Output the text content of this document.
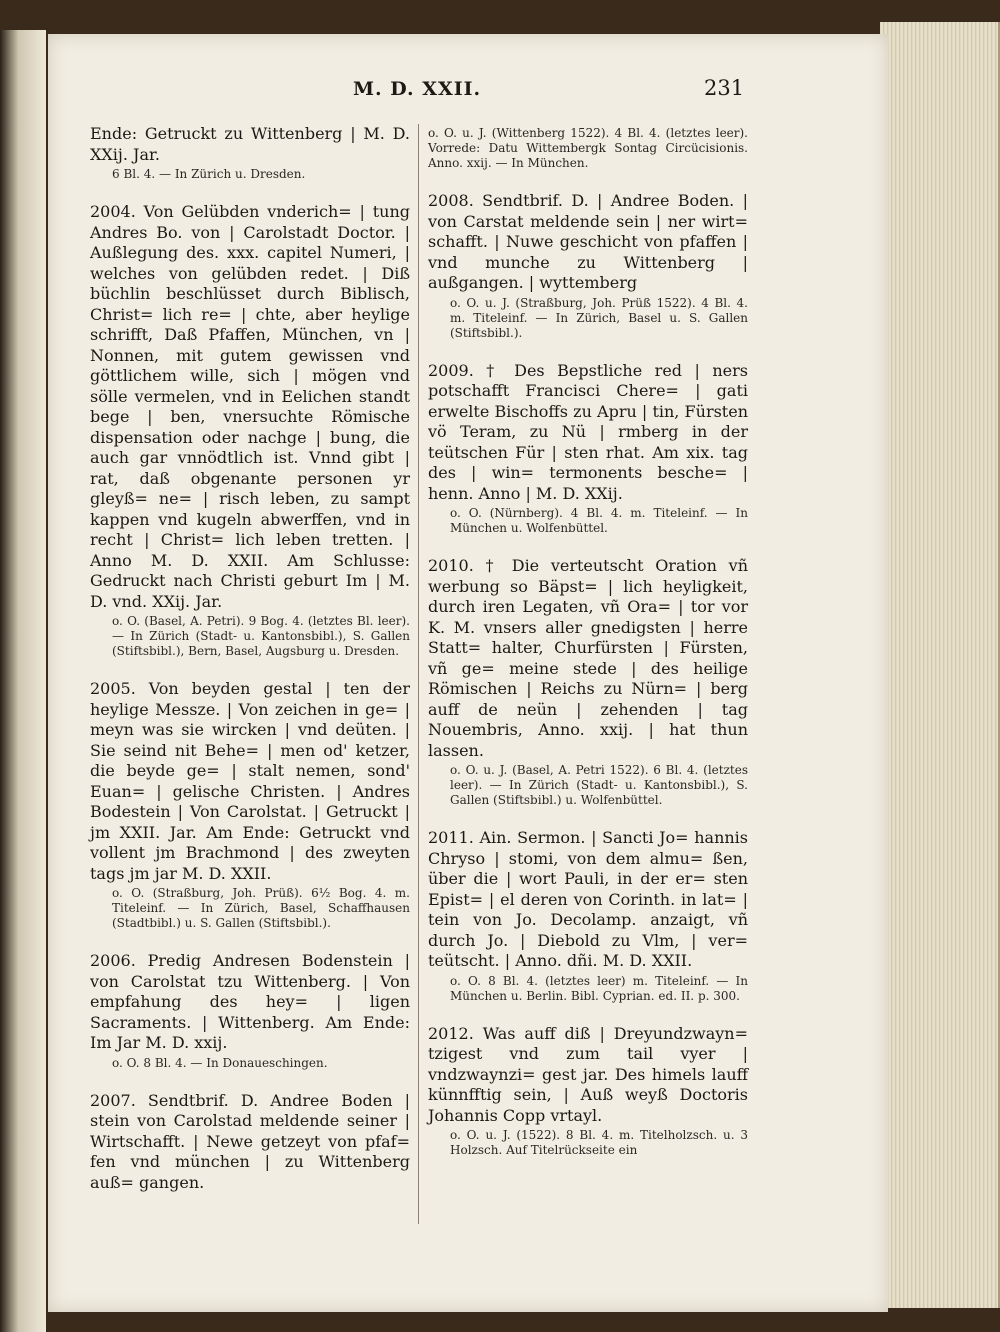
M. D. XXII.	231

Ende: Getruckt zu Wittenberg | M. D. XXij. Jar.

6 Bl. 4. — In Zürich u. Dresden.

2004. Von Gelübden vnderich= | tung Andres Bo. von | Carolstadt Doctor. | Außlegung des. xxx. capitel Numeri, | welches von gelübden redet. | Diß büchlin beschlüsset durch Biblisch, Christ= lich re= | chte, aber heylige schrifft, Daß Pfaffen, München, vn | Nonnen, mit gutem gewissen vnd göttlichem wille, sich | mögen vnd sölle vermelen, vnd in Eelichen standt bege | ben, vnersuchte Römische dispensation oder nachge | bung, die auch gar vnnödtlich ist. Vnnd gibt | rat, daß obgenante personen yr gleyß= ne= | risch leben, zu sampt kappen vnd kugeln abwerffen, vnd in recht | Christ= lich leben tretten. | Anno M. D. XXII. Am Schlusse: Gedruckt nach Christi geburt Im | M. D. vnd. XXij. Jar.

o. O. (Basel, A. Petri). 9 Bog. 4. (letztes Bl. leer). — In Zürich (Stadt- u. Kantonsbibl.), S. Gallen (Stiftsbibl.), Bern, Basel, Augsburg u. Dresden.

2005. Von beyden gestal | ten der heylige Messze. | Von zeichen in ge= | meyn was sie wircken | vnd deüten. | Sie seind nit Behe= | men od' ketzer, die beyde ge= | stalt nemen, sond' Euan= | gelische Christen. | Andres Bodestein | Von Carolstat. | Getruckt | jm XXII. Jar. Am Ende: Getruckt vnd vollent jm Brachmond | des zweyten tags jm jar M. D. XXII.

o. O. (Straßburg, Joh. Prüß). 6½ Bog. 4. m. Titeleinf. — In Zürich, Basel, Schaffhausen (Stadtbibl.) u. S. Gallen (Stiftsbibl.).

2006. Predig Andresen Bodenstein | von Carolstat tzu Wittenberg. | Von empfahung des hey= | ligen Sacraments. | Wittenberg. Am Ende: Im Jar M. D. xxij.

o. O. 8 Bl. 4. — In Donaueschingen.

2007. Sendtbrif. D. Andree Boden | stein von Carolstad meldende seiner | Wirtschafft. | Newe getzeyt von pfaf= fen vnd münchen | zu Wittenberg auß= gangen.

o. O. u. J. (Wittenberg 1522). 4 Bl. 4. (letztes leer). Vorrede: Datu Wittembergk Sontag Circücisionis. Anno. xxij. — In München.

2008. Sendtbrif. D. | Andree Boden. | von Carstat meldende sein | ner wirt= schafft. | Nuwe geschicht von pfaffen | vnd munche zu Wittenberg | außgangen. | wyttemberg

o. O. u. J. (Straßburg, Joh. Prüß 1522). 4 Bl. 4. m. Titeleinf. — In Zürich, Basel u. S. Gallen (Stiftsbibl.).

2009. † Des Bepstliche red | ners potschafft Francisci Chere= | gati erwelte Bischoffs zu Apru | tin, Fürsten vö Teram, zu Nü | rmberg in der teütschen Für | sten rhat. Am xix. tag des | win= termonents besche= | henn. Anno | M. D. XXij.

o. O. (Nürnberg). 4 Bl. 4. m. Titeleinf. — In München u. Wolfenbüttel.

2010. † Die verteutscht Oration vñ werbung so Bäpst= | lich heyligkeit, durch iren Legaten, vñ Ora= | tor vor K. M. vnsers aller gnedigsten | herre Statt= halter, Churfürsten | Fürsten, vñ ge= meine stede | des heilige Römischen | Reichs zu Nürn= | berg auff de neün | zehenden | tag Nouembris, Anno. xxij. | hat thun lassen.

o. O. u. J. (Basel, A. Petri 1522). 6 Bl. 4. (letztes leer). — In Zürich (Stadt- u. Kantonsbibl.), S. Gallen (Stiftsbibl.) u. Wolfenbüttel.

2011. Ain. Sermon. | Sancti Jo= hannis Chryso | stomi, von dem almu= ßen, über die | wort Pauli, in der er= sten Epist= | el deren von Corinth. in lat= | tein von Jo. Decolamp. anzaigt, vñ durch Jo. | Diebold zu Vlm, | ver= teütscht. | Anno. dñi. M. D. XXII.

o. O. 8 Bl. 4. (letztes leer) m. Titeleinf. — In München u. Berlin. Bibl. Cyprian. ed. II. p. 300.

2012. Was auff diß | Dreyundzwayn= tzigest vnd zum tail vyer | vndzwaynzi= gest jar. Des himels lauff künnfftig sein, | Auß weyß Doctoris Johannis Copp vrtayl.

o. O. u. J. (1522). 8 Bl. 4. m. Titelholzsch. u. 3 Holzsch. Auf Titelrückseite ein
